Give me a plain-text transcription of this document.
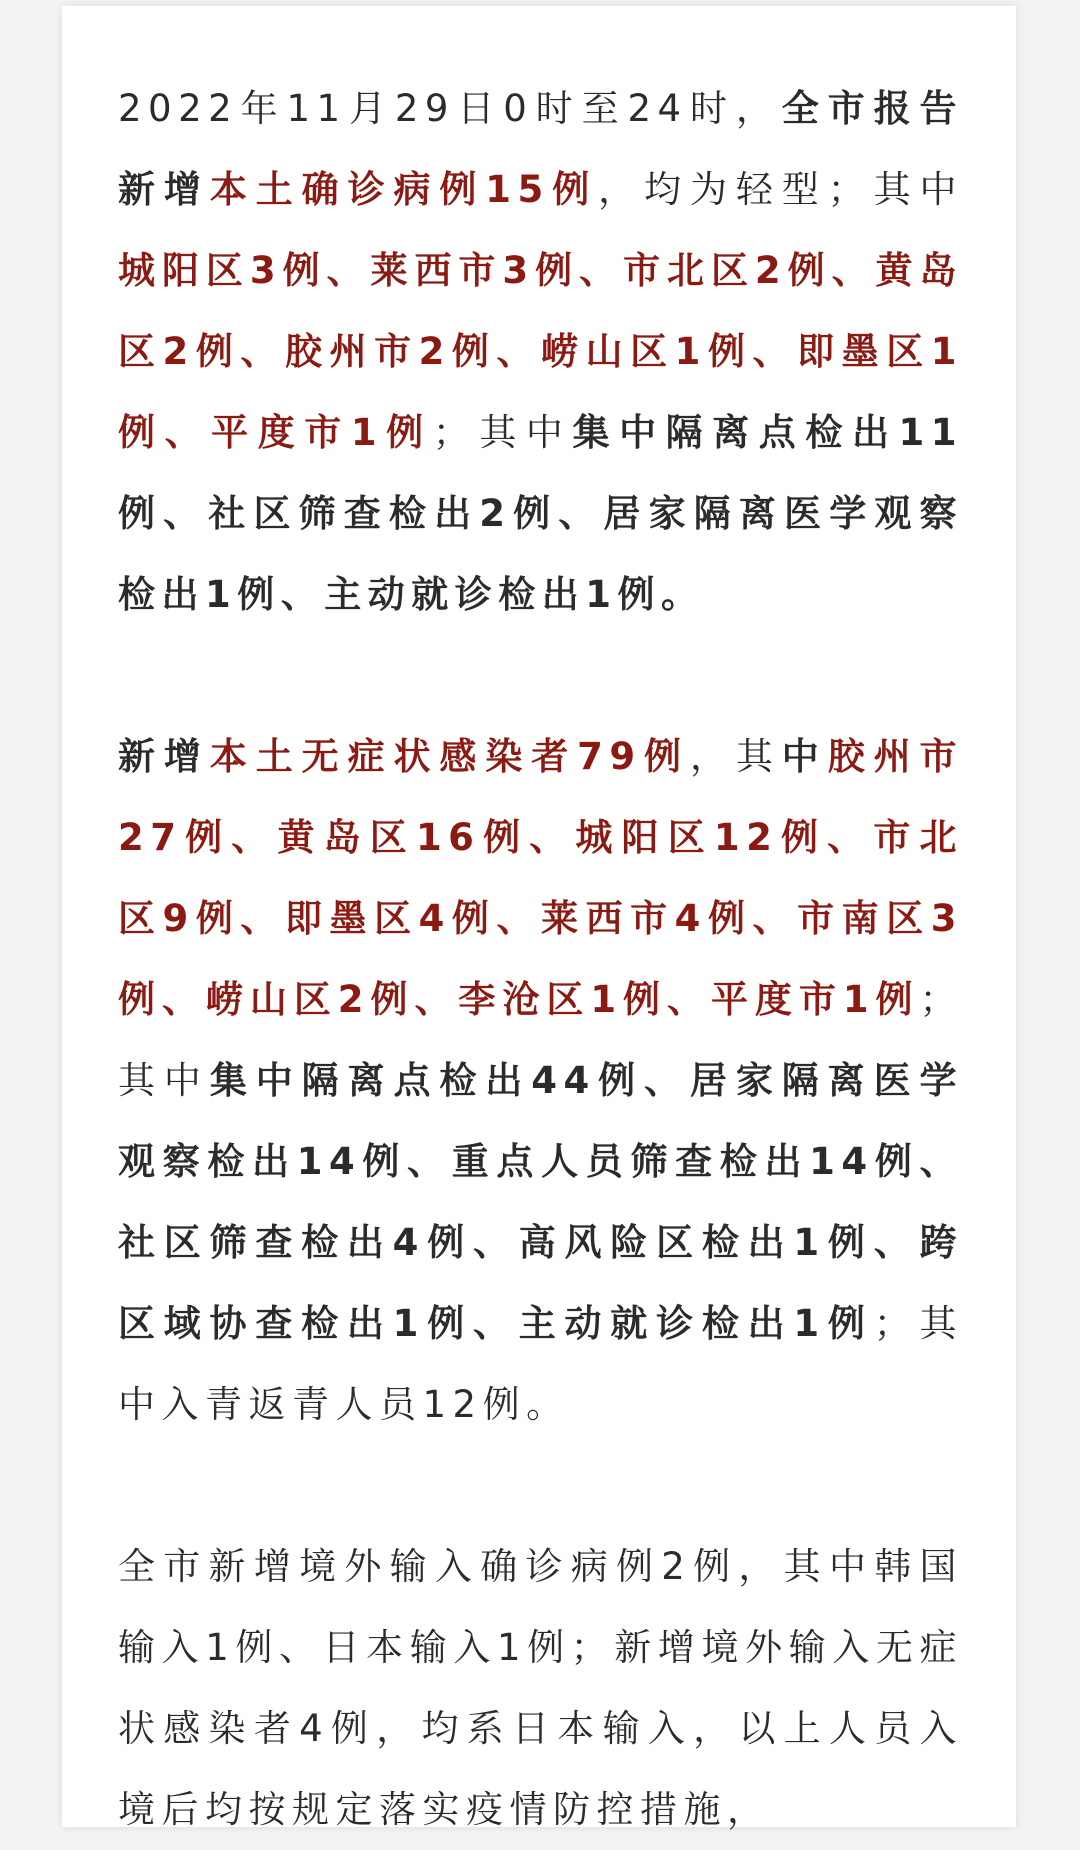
2022年11月29日0时至24时，全市报告新增本土确诊病例15例，均为轻型；其中城阳区3例、莱西市3例、市北区2例、黄岛区2例、胶州市2例、崂山区1例、即墨区1例、平度市1例；其中集中隔离点检出11例、社区筛查检出2例、居家隔离医学观察检出1例、主动就诊检出1例。

新增本土无症状感染者79例，其中胶州市27例、黄岛区16例、城阳区12例、市北区9例、即墨区4例、莱西市4例、市南区3例、崂山区2例、李沧区1例、平度市1例；其中集中隔离点检出44例、居家隔离医学观察检出14例、重点人员筛查检出14例、社区筛查检出4例、高风险区检出1例、跨区域协查检出1例、主动就诊检出1例；其中入青返青人员12例。

全市新增境外输入确诊病例2例，其中韩国输入1例、日本输入1例；新增境外输入无症状感染者4例，均系日本输入，以上人员入境后均按规定落实疫情防控措施，
